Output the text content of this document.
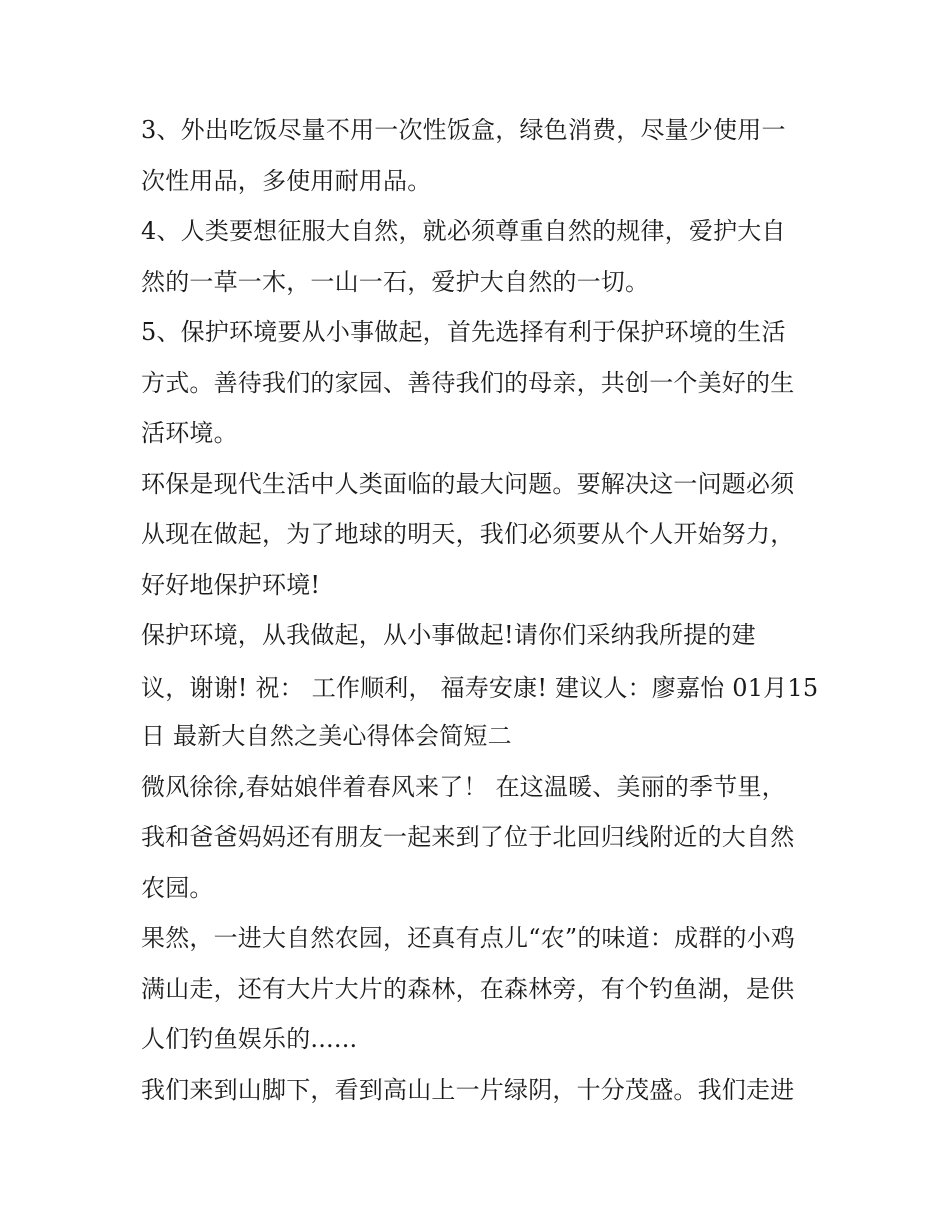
3、外出吃饭尽量不用一次性饭盒，绿色消费，尽量少使用一
次性用品，多使用耐用品。
4、人类要想征服大自然，就必须尊重自然的规律，爱护大自
然的一草一木，一山一石，爱护大自然的一切。
5、保护环境要从小事做起，首先选择有利于保护环境的生活
方式。善待我们的家园、善待我们的母亲，共创一个美好的生
活环境。
环保是现代生活中人类面临的最大问题。要解决这一问题必须
从现在做起，为了地球的明天，我们必须要从个人开始努力，
好好地保护环境!
保护环境，从我做起，从小事做起!请你们采纳我所提的建
议，谢谢! 祝： 工作顺利， 福寿安康! 建议人：廖嘉怡 01月15
日 最新大自然之美心得体会简短二
微风徐徐,春姑娘伴着春风来了！ 在这温暖、美丽的季节里，
我和爸爸妈妈还有朋友一起来到了位于北回归线附近的大自然
农园。
果然，一进大自然农园，还真有点儿“农”的味道：成群的小鸡
满山走，还有大片大片的森林，在森林旁，有个钓鱼湖，是供
人们钓鱼娱乐的......
我们来到山脚下，看到高山上一片绿阴，十分茂盛。我们走进
